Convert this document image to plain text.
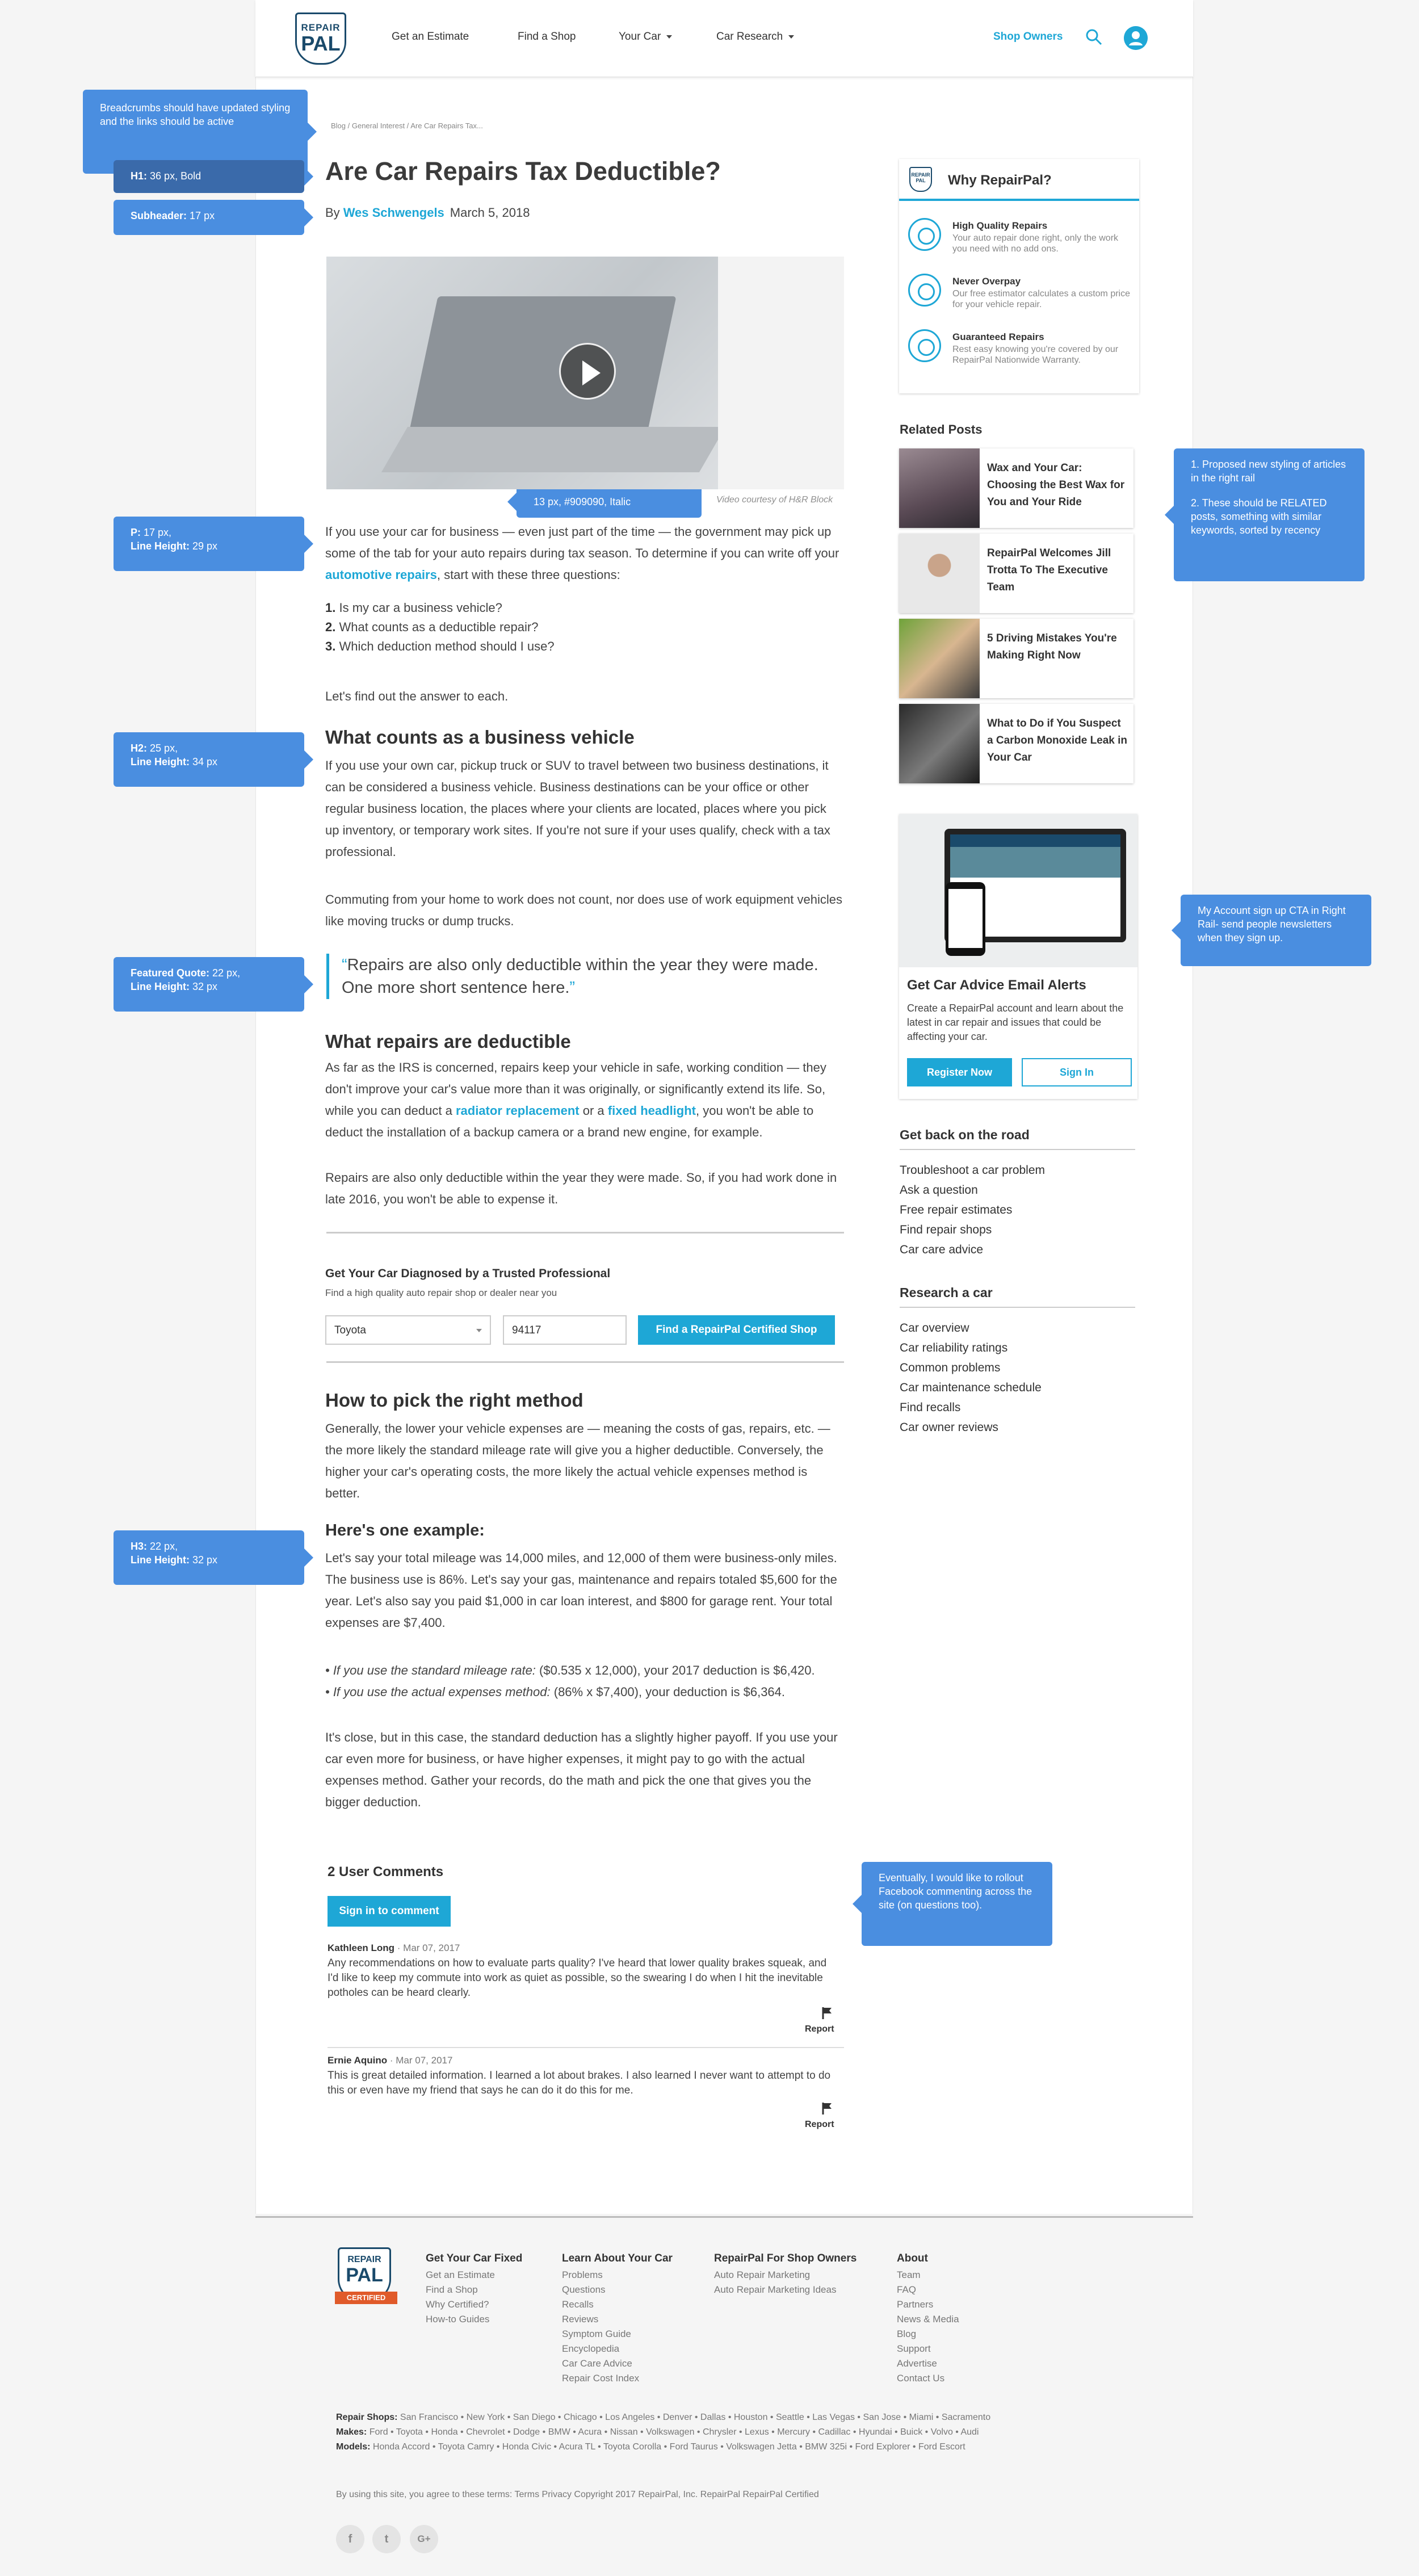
REPAIR
PAL	Get an Estimate	Find a Shop	Your Car	Car Research	Shop Owners
Breadcrumbs should have updated styling and the links should be active
H1: 36 px, Bold
Subheader: 17 px
13 px, #909090, Italic
P: 17 px,
Line Height: 29 px
H2: 25 px,
Line Height: 34 px
Featured Quote: 22 px,
Line Height: 32 px
H3: 22 px,
Line Height: 32 px
1. Proposed new styling of articles in the right rail
2. These should be RELATED posts, something with similar keywords, sorted by recency
My Account sign up CTA in Right Rail- send people newsletters when they sign up.
Eventually, I would like to rollout Facebook commenting across the site (on questions too).
Blog / General Interest / Are Car Repairs Tax...
Are Car Repairs Tax Deductible?
By Wes Schwengels March 5, 2018
Video courtesy of H&R Block
If you use your car for business — even just part of the time — the government may pick up some of the tab for your auto repairs during tax season. To determine if you can write off your automotive repairs, start with these three questions:
1. Is my car a business vehicle?
2. What counts as a deductible repair?
3. Which deduction method should I use?
Let's find out the answer to each.
What counts as a business vehicle
If you use your own car, pickup truck or SUV to travel between two business destinations, it can be considered a business vehicle. Business destinations can be your office or other regular business location, the places where your clients are located, places where you pick up inventory, or temporary work sites. If you're not sure if your uses qualify, check with a tax professional.
Commuting from your home to work does not count, nor does use of work equipment vehicles like moving trucks or dump trucks.
“Repairs are also only deductible within the year they were made. One more short sentence here.”
What repairs are deductible
As far as the IRS is concerned, repairs keep your vehicle in safe, working condition — they don't improve your car's value more than it was originally, or significantly extend its life. So, while you can deduct a radiator replacement or a fixed headlight, you won't be able to deduct the installation of a backup camera or a brand new engine, for example.
Repairs are also only deductible within the year they were made. So, if you had work done in late 2016, you won't be able to expense it.
Get Your Car Diagnosed by a Trusted Professional
Find a high quality auto repair shop or dealer near you
Toyota	94117	Find a RepairPal Certified Shop
How to pick the right method
Generally, the lower your vehicle expenses are — meaning the costs of gas, repairs, etc. — the more likely the standard mileage rate will give you a higher deductible. Conversely, the higher your car's operating costs, the more likely the actual vehicle expenses method is better.
Here's one example:
Let's say your total mileage was 14,000 miles, and 12,000 of them were business-only miles. The business use is 86%. Let's say your gas, maintenance and repairs totaled $5,600 for the year. Let's also say you paid $1,000 in car loan interest, and $800 for garage rent. Your total expenses are $7,400.
• If you use the standard mileage rate: ($0.535 x 12,000), your 2017 deduction is $6,420.
• If you use the actual expenses method: (86% x $7,400), your deduction is $6,364.
It's close, but in this case, the standard deduction has a slightly higher payoff. If you use your car even more for business, or have higher expenses, it might pay to go with the actual expenses method. Gather your records, do the math and pick the one that gives you the bigger deduction.
2 User Comments
Sign in to comment
Kathleen Long · Mar 07, 2017
Any recommendations on how to evaluate parts quality? I've heard that lower quality brakes squeak, and I'd like to keep my commute into work as quiet as possible, so the swearing I do when I hit the inevitable potholes can be heard clearly.
Report
Ernie Aquino · Mar 07, 2017
This is great detailed information. I learned a lot about brakes. I also learned I never want to attempt to do this or even have my friend that says he can do it do this for me.
Report
REPAIR PAL	Why RepairPal?
High Quality Repairs
Your auto repair done right, only the work you need with no add ons.
Never Overpay
Our free estimator calculates a custom price for your vehicle repair.
Guaranteed Repairs
Rest easy knowing you're covered by our RepairPal Nationwide Warranty.
Related Posts
Wax and Your Car: Choosing the Best Wax for You and Your Ride
RepairPal Welcomes Jill Trotta To The Executive Team
5 Driving Mistakes You're Making Right Now
What to Do if You Suspect a Carbon Monoxide Leak in Your Car
Get Car Advice Email Alerts
Create a RepairPal account and learn about the latest in car repair and issues that could be affecting your car.
Register Now	Sign In
Get back on the road
Troubleshoot a car problem
Ask a question
Free repair estimates
Find repair shops
Car care advice
Research a car
Car overview
Car reliability ratings
Common problems
Car maintenance schedule
Find recalls
Car owner reviews
REPAIR
PAL
CERTIFIED
Get Your Car Fixed
Get an Estimate
Find a Shop
Why Certified?
How-to Guides
Learn About Your Car
Problems
Questions
Recalls
Reviews
Symptom Guide
Encyclopedia
Car Care Advice
Repair Cost Index
RepairPal For Shop Owners
Auto Repair Marketing
Auto Repair Marketing Ideas
About
Team
FAQ
Partners
News & Media
Blog
Support
Advertise
Contact Us
Repair Shops: San Francisco • New York • San Diego • Chicago • Los Angeles • Denver • Dallas • Houston • Seattle • Las Vegas • San Jose • Miami • Sacramento
Makes: Ford • Toyota • Honda • Chevrolet • Dodge • BMW • Acura • Nissan • Volkswagen • Chrysler • Lexus • Mercury • Cadillac • Hyundai • Buick • Volvo • Audi
Models: Honda Accord • Toyota Camry • Honda Civic • Acura TL • Toyota Corolla • Ford Taurus • Volkswagen Jetta • BMW 325i • Ford Explorer • Ford Escort
By using this site, you agree to these terms: Terms Privacy Copyright 2017 RepairPal, Inc. RepairPal RepairPal Certified
f	t	G+
